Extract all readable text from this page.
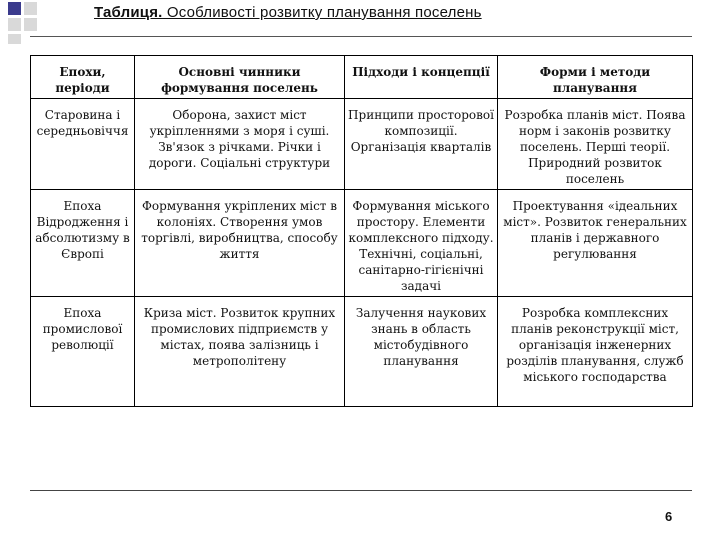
Таблиця. Особливості розвитку планування поселень
Епохи, періоди	Основні чинники формування поселень	Підходи і концепції	Форми і методи планування
Старовина і середньовіччя	Оборона, захист міст укріпленнями з моря і суші. Зв'язок з річками. Річки і дороги. Соціальні структури	Принципи просторової композиції. Організація кварталів	Розробка планів міст. Поява норм і законів розвитку поселень. Перші теорії. Природний розвиток поселень
Епоха Відродження і абсолютизму в Європі	Формування укріплених міст в колоніях. Створення умов торгівлі, виробництва, способу життя	Формування міського простору. Елементи комплексного підходу. Технічні, соціальні, санітарно-гігієнічні задачі	Проектування «ідеальних міст». Розвиток генеральних планів і державного регулювання
Епоха промислової революції	Криза міст. Розвиток крупних промислових підприємств у містах, поява залізниць і метрополітену	Залучення наукових знань в область містобудівного планування	Розробка комплексних планів реконструкції міст, організація інженерних розділів планування, служб міського господарства
6
